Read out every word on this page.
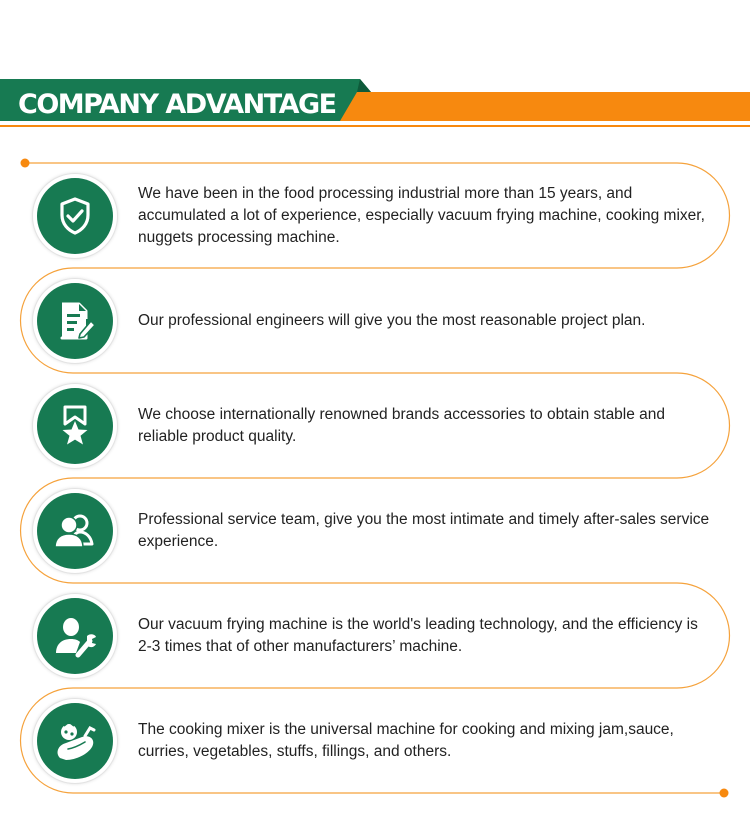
COMPANY ADVANTAGE
We have been in the food processing industrial more than 15 years, and accumulated a lot of experience, especially vacuum frying machine, cooking mixer, nuggets processing machine.
Our professional engineers will give you the most reasonable project plan.
We choose internationally renowned brands accessories to obtain stable and reliable product quality.
Professional service team, give you the most intimate and timely after-sales service experience.
Our vacuum frying machine is the world's leading technology, and the efficiency is 2-3 times that of other manufacturers’ machine.
The cooking mixer is the universal machine for cooking and mixing jam,sauce, curries, vegetables, stuffs, fillings, and others.
